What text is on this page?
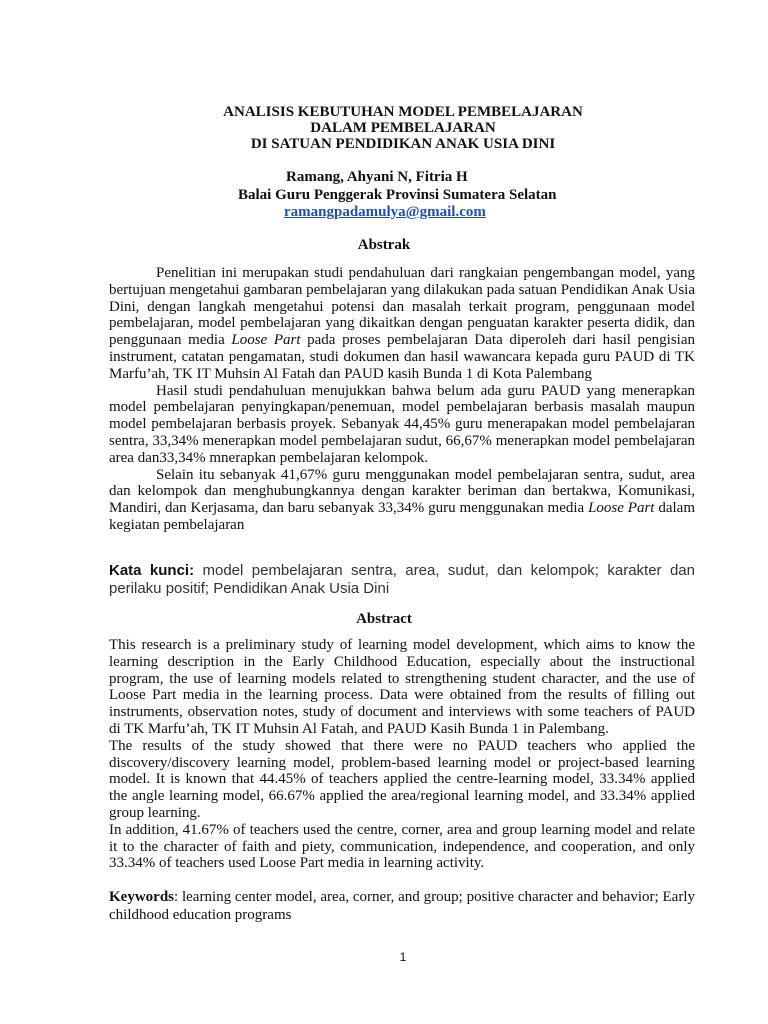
ANALISIS KEBUTUHAN MODEL PEMBELAJARAN
DALAM PEMBELAJARAN
DI SATUAN PENDIDIKAN ANAK USIA DINI

Ramang, Ahyani N, Fitria H

Balai Guru Penggerak Provinsi Sumatera Selatan

ramangpadamulya@gmail.com

Abstrak

Penelitian ini merupakan studi pendahuluan dari rangkaian pengembangan model, yang bertujuan mengetahui gambaran pembelajaran yang dilakukan pada satuan Pendidikan Anak Usia Dini, dengan langkah mengetahui potensi dan masalah terkait program, penggunaan model pembelajaran, model pembelajaran yang dikaitkan dengan penguatan karakter peserta didik, dan penggunaan media Loose Part pada proses pembelajaran Data diperoleh dari hasil pengisian instrument, catatan pengamatan, studi dokumen dan hasil wawancara kepada guru PAUD di TK Marfu’ah, TK IT Muhsin Al Fatah dan PAUD kasih Bunda 1 di Kota Palembang

Hasil studi pendahuluan menujukkan bahwa belum ada guru PAUD yang menerapkan model pembelajaran penyingkapan/penemuan, model pembelajaran berbasis masalah maupun model pembelajaran berbasis proyek. Sebanyak 44,45% guru menerapakan model pembelajaran sentra, 33,34% menerapkan model pembelajaran sudut, 66,67% menerapkan model pembelajaran area dan33,34% mnerapkan pembelajaran kelompok.

Selain itu sebanyak 41,67% guru menggunakan model pembelajaran sentra, sudut, area dan kelompok dan menghubungkannya dengan karakter beriman dan bertakwa, Komunikasi, Mandiri, dan Kerjasama, dan baru sebanyak 33,34% guru menggunakan media Loose Part dalam kegiatan pembelajaran

Kata kunci: model pembelajaran sentra, area, sudut, dan kelompok; karakter dan perilaku positif; Pendidikan Anak Usia Dini

Abstract

This research is a preliminary study of learning model development, which aims to know the learning description in the Early Childhood Education, especially about the instructional program, the use of learning models related to strengthening student character, and the use of Loose Part media in the learning process. Data were obtained from the results of filling out instruments, observation notes, study of document and interviews with some teachers of PAUD di TK Marfu’ah, TK IT Muhsin Al Fatah, and PAUD Kasih Bunda 1 in Palembang.

The results of the study showed that there were no PAUD teachers who applied the discovery/discovery learning model, problem-based learning model or project-based learning model. It is known that 44.45% of teachers applied the centre-learning model, 33.34% applied the angle learning model, 66.67% applied the area/regional learning model, and 33.34% applied group learning.

In addition, 41.67% of teachers used the centre, corner, area and group learning model and relate it to the character of faith and piety, communication, independence, and cooperation, and only 33.34% of teachers used Loose Part media in learning activity.

Keywords: learning center model, area, corner, and group; positive character and behavior; Early childhood education programs

1
